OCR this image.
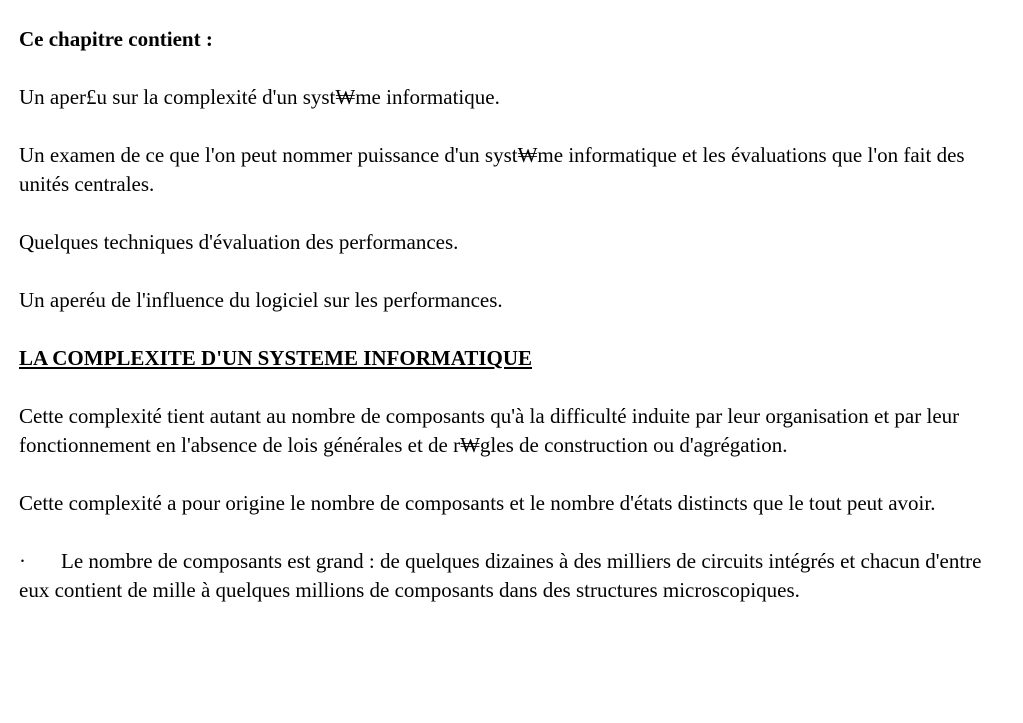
Ce chapitre contient :

Un aper£u sur la complexité d'un syst₩me informatique.

Un examen de ce que l'on peut nommer puissance d'un syst₩me informatique et les évaluations que l'on fait des unités centrales.

Quelques techniques d'évaluation des performances.

Un aperéu de l'influence du logiciel sur les performances.

LA COMPLEXITE D'UN SYSTEME INFORMATIQUE

Cette complexité tient autant au nombre de composants qu'à la difficulté induite par leur organisation et par leur fonctionnement en l'absence de lois générales et de r₩gles de construction ou d'agrégation.

Cette complexité a pour origine le nombre de composants et le nombre d'états distincts que le tout peut avoir.

· Le nombre de composants est grand : de quelques dizaines à des milliers de circuits intégrés et chacun d'entre eux contient de mille à quelques millions de composants dans des structures microscopiques.
